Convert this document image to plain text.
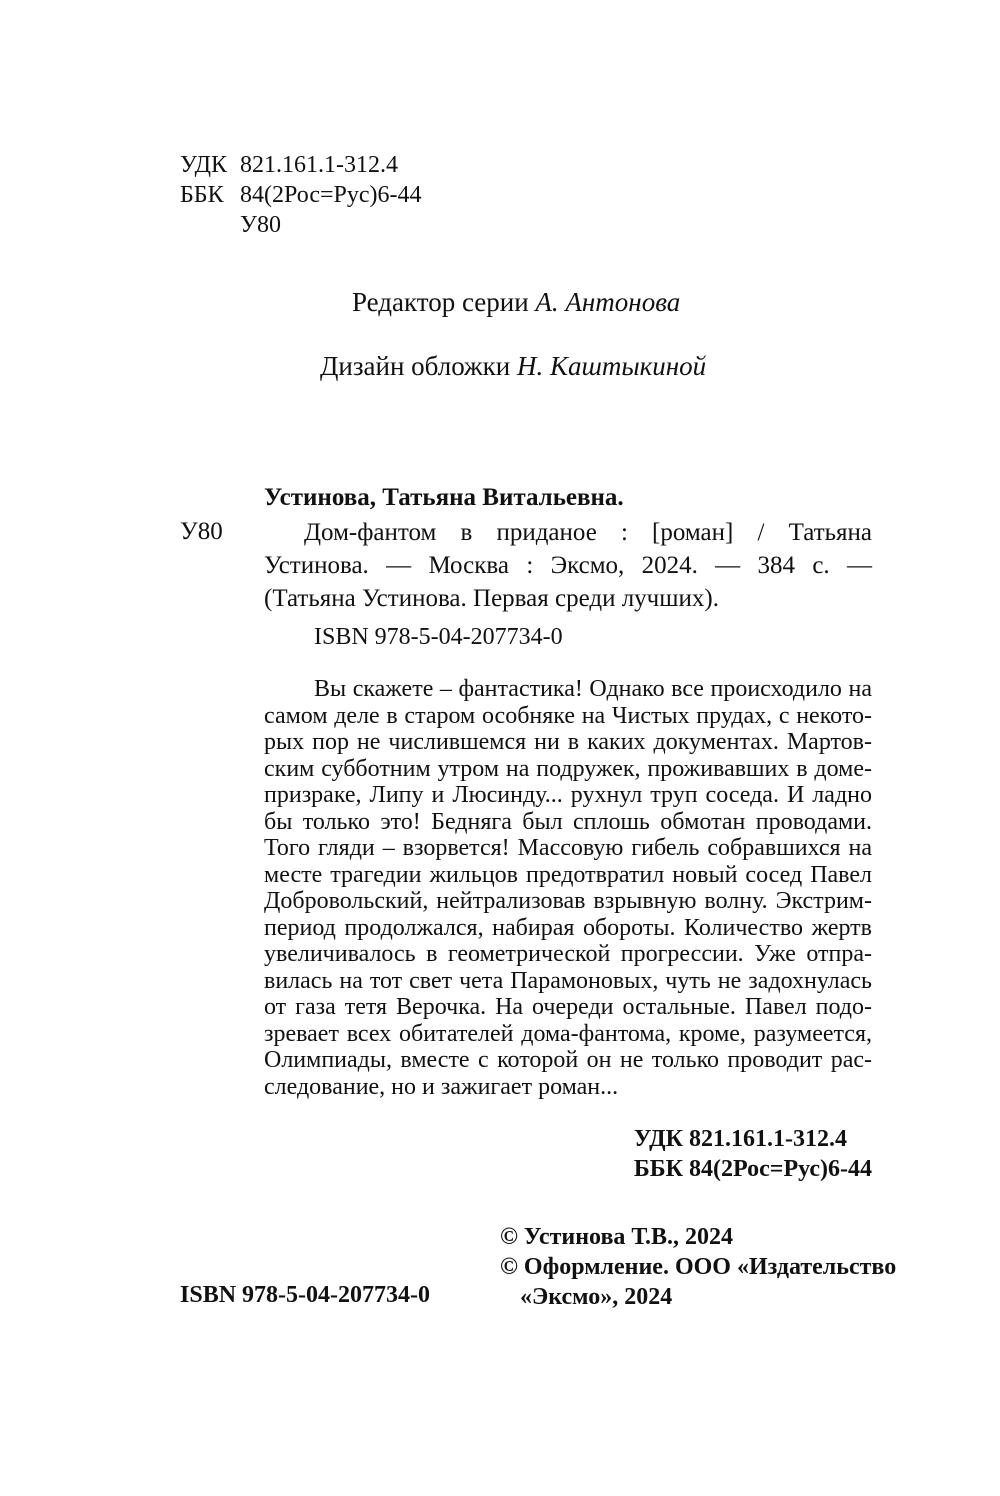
УДК 821.161.1-312.4
ББК 84(2Рос=Рус)6-44
У80
Редактор серии А. Антонова
Дизайн обложки Н. Каштыкиной
Устинова, Татьяна Витальевна.
У80	Дом-фантом в приданое : [роман] / Татьяна
Устинова. — Москва : Эксмо, 2024. — 384 с. —
(Татьяна Устинова. Первая среди лучших).
ISBN 978-5-04-207734-0
Вы скажете – фантастика! Однако все происходило на
самом деле в старом особняке на Чистых прудах, с некото-
рых пор не числившемся ни в каких документах. Мартов-
ским субботним утром на подружек, проживавших в доме-
призраке, Липу и Люсинду... рухнул труп соседа. И ладно
бы только это! Бедняга был сплошь обмотан проводами.
Того гляди – взорвется! Массовую гибель собравшихся на
месте трагедии жильцов предотвратил новый сосед Павел
Добровольский, нейтрализовав взрывную волну. Экстрим-
период продолжался, набирая обороты. Количество жертв
увеличивалось в геометрической прогрессии. Уже отпра-
вилась на тот свет чета Парамоновых, чуть не задохнулась
от газа тетя Верочка. На очереди остальные. Павел подо-
зревает всех обитателей дома-фантома, кроме, разумеется,
Олимпиады, вместе с которой он не только проводит рас-
следование, но и зажигает роман...
УДК 821.161.1-312.4
ББК 84(2Рос=Рус)6-44
© Устинова Т.В., 2024
© Оформление. ООО «Издательство
«Эксмо», 2024
ISBN 978-5-04-207734-0
